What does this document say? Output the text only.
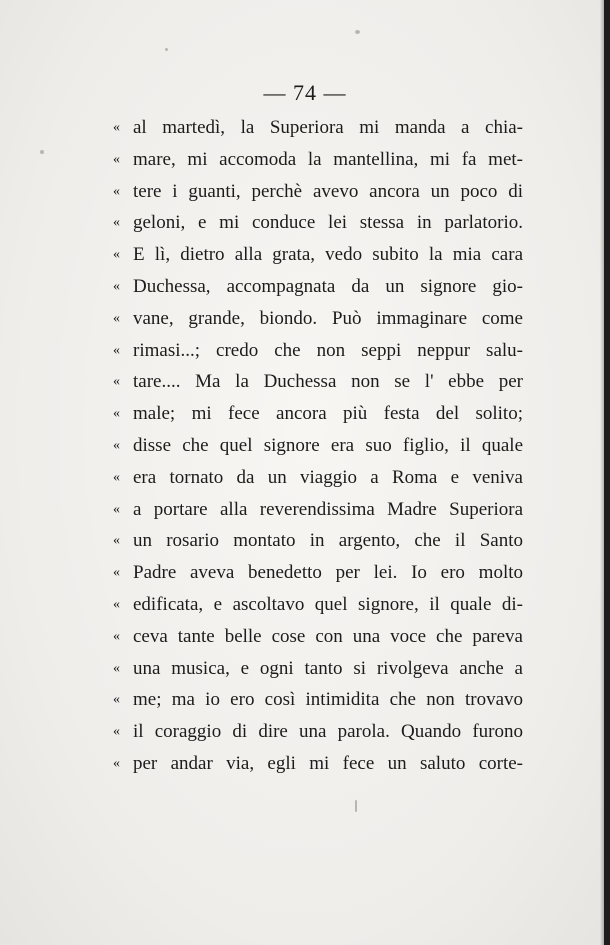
— 74 —
« al martedì, la Superiora mi manda a chia-
« mare, mi accomoda la mantellina, mi fa met-
« tere i guanti, perchè avevo ancora un poco di
« geloni, e mi conduce lei stessa in parlatorio.
« E lì, dietro alla grata, vedo subito la mia cara
« Duchessa, accompagnata da un signore gio-
« vane, grande, biondo. Può immaginare come
« rimasi...; credo che non seppi neppur salu-
« tare.... Ma la Duchessa non se l' ebbe per
« male; mi fece ancora più festa del solito;
« disse che quel signore era suo figlio, il quale
« era tornato da un viaggio a Roma e veniva
« a portare alla reverendissima Madre Superiora
« un rosario montato in argento, che il Santo
« Padre aveva benedetto per lei. Io ero molto
« edificata, e ascoltavo quel signore, il quale di-
« ceva tante belle cose con una voce che pareva
« una musica, e ogni tanto si rivolgeva anche a
« me; ma io ero così intimidita che non trovavo
« il coraggio di dire una parola. Quando furono
« per andar via, egli mi fece un saluto corte-
